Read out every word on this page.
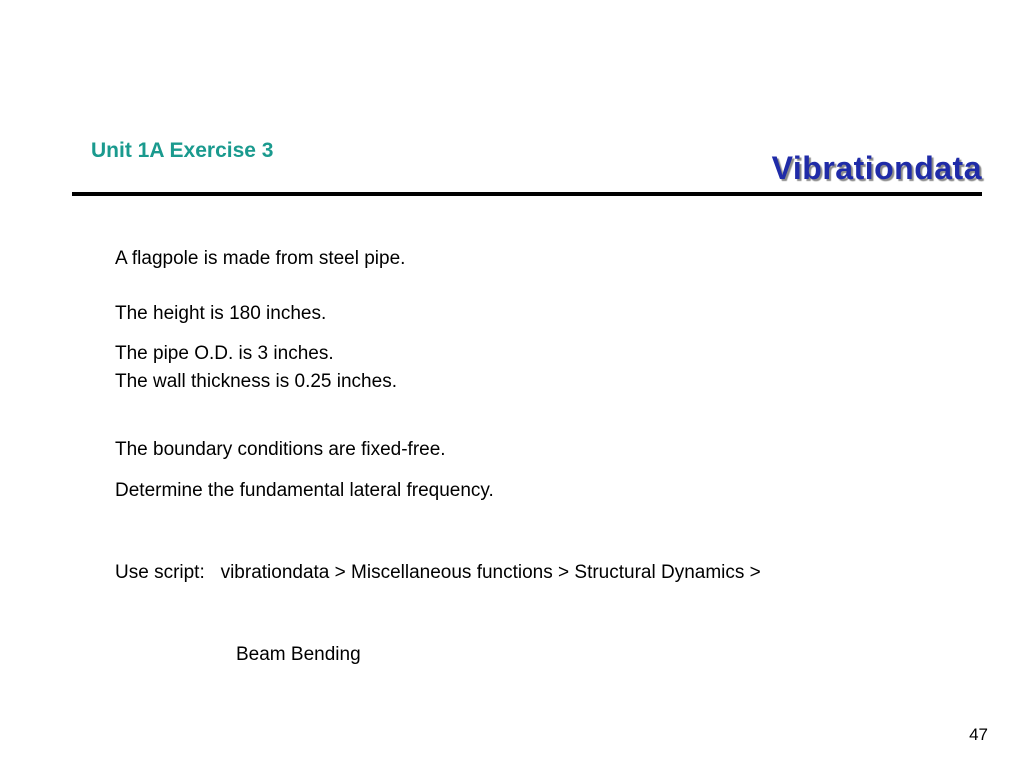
Unit 1A Exercise 3	Vibrationdata
A flagpole is made from steel pipe.
The height is 180 inches.
The pipe O.D. is 3 inches.
The wall thickness is 0.25 inches.
The boundary conditions are fixed-free.
Determine the fundamental lateral frequency.
Use script:   vibrationdata > Miscellaneous functions > Structural Dynamics >
Beam Bending
47
